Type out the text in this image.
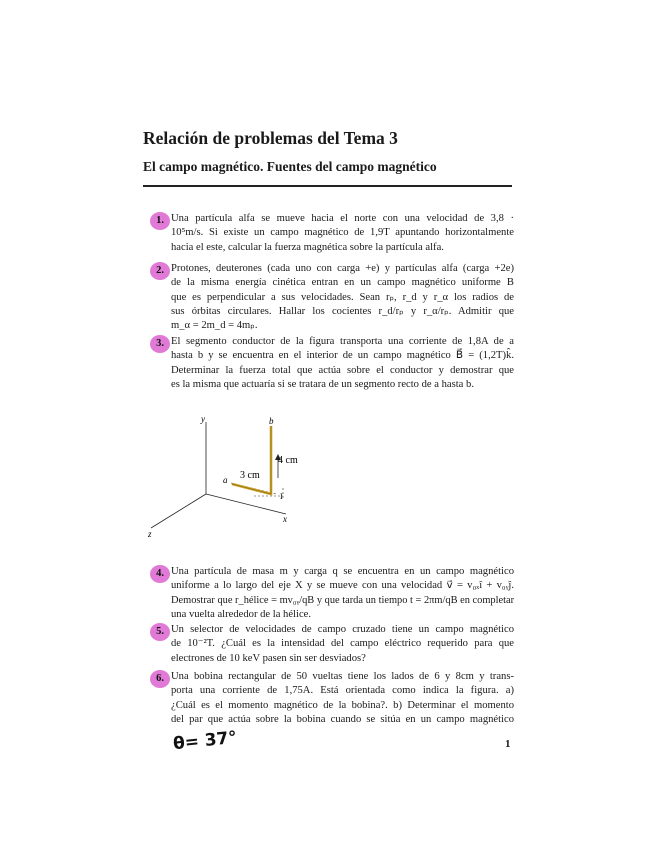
Relación de problemas del Tema 3
El campo magnético. Fuentes del campo magnético
1. Una partícula alfa se mueve hacia el norte con una velocidad de 3,8 ·
10⁵m/s. Si existe un campo magnético de 1,9T apuntando horizontalmente
hacia el este, calcular la fuerza magnética sobre la partícula alfa.
2. Protones, deuterones (cada uno con carga +e) y partículas alfa (carga +2e)
de la misma energía cinética entran en un campo magnético uniforme B
que es perpendicular a sus velocidades. Sean rₚ, r_d y r_α los radios de
sus órbitas circulares. Hallar los cocientes r_d/rₚ y r_α/rₚ. Admitir que
m_α = 2m_d = 4mₚ.
3. El segmento conductor de la figura transporta una corriente de 1,8A de a
hasta b y se encuentra en el interior de un campo magnético B⃗ = (1,2T)k̂.
Determinar la fuerza total que actúa sobre el conductor y demostrar que
es la misma que actuaría si se tratara de un segmento recto de a hasta b.
y
x
z
a
b
3 cm
4 cm
I
4. Una partícula de masa m y carga q se encuentra en un campo magnético
uniforme a lo largo del eje X y se mueve con una velocidad v⃗ = v₀ₓî + v₀ᵧĵ.
Demostrar que r_hélice = mv₀ᵧ/qB y que tarda un tiempo t = 2πm/qB en completar
una vuelta alrededor de la hélice.
5. Un selector de velocidades de campo cruzado tiene un campo magnético
de 10⁻²T. ¿Cuál es la intensidad del campo eléctrico requerido para que
electrones de 10 keV pasen sin ser desviados?
6. Una bobina rectangular de 50 vueltas tiene los lados de 6 y 8cm y trans-
porta una corriente de 1,75A. Está orientada como indica la figura. a)
¿Cuál es el momento magnético de la bobina?. b) Determinar el momento
del par que actúa sobre la bobina cuando se sitúa en un campo magnético
θ= 37°	1
